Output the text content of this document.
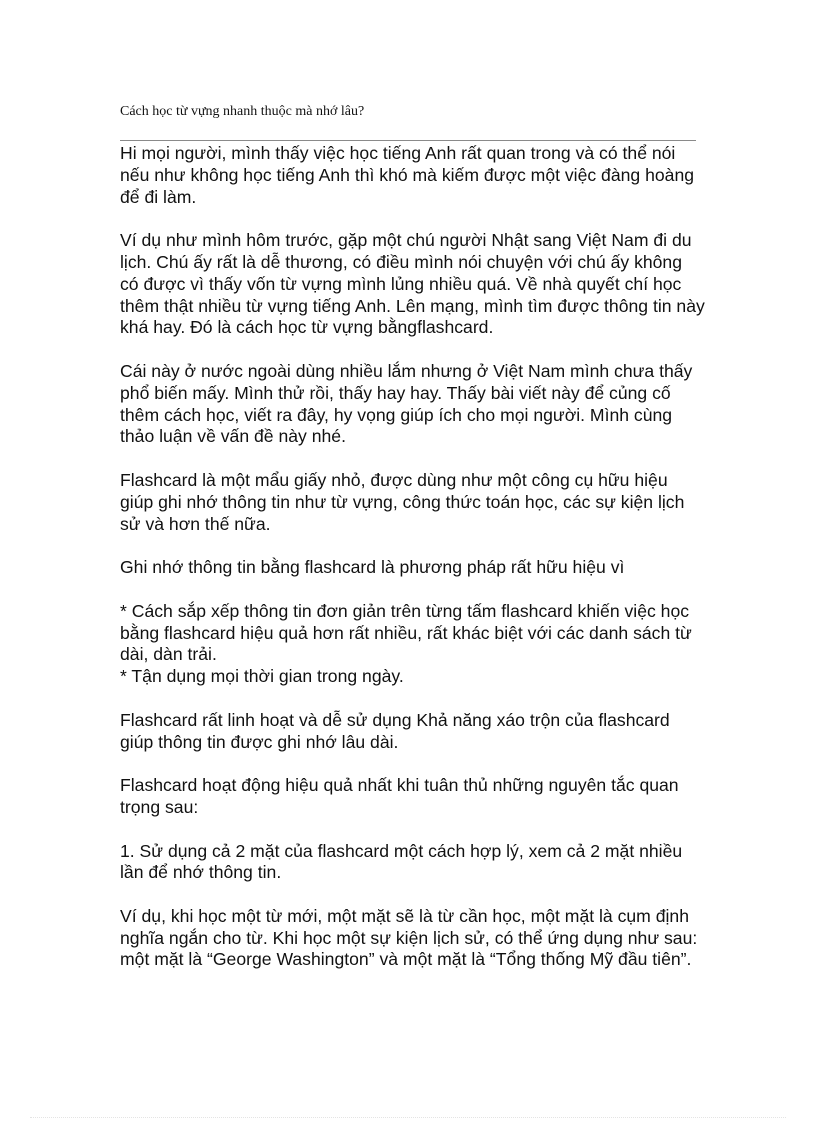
Cách học từ vựng nhanh thuộc mà nhớ lâu?

Hi mọi người, mình thấy việc học tiếng Anh rất quan trong và có thể nói nếu như không học tiếng Anh thì khó mà kiếm được một việc đàng hoàng để đi làm.

Ví dụ như mình hôm trước, gặp một chú người Nhật sang Việt Nam đi du lịch. Chú ấy rất là dễ thương, có điều mình nói chuyện với chú ấy không có được vì thấy vốn từ vựng mình lủng nhiều quá. Về nhà quyết chí học thêm thật nhiều từ vựng tiếng Anh. Lên mạng, mình tìm được thông tin này khá hay. Đó là cách học từ vựng bằngflashcard.

Cái này ở nước ngoài dùng nhiều lắm nhưng ở Việt Nam mình chưa thấy phổ biến mấy. Mình thử rồi, thấy hay hay. Thấy bài viết này để củng cố thêm cách học, viết ra đây, hy vọng giúp ích cho mọi người. Mình cùng thảo luận về vấn đề này nhé.

Flashcard là một mẩu giấy nhỏ, được dùng như một công cụ hữu hiệu giúp ghi nhớ thông tin như từ vựng, công thức toán học, các sự kiện lịch sử và hơn thế nữa.

Ghi nhớ thông tin bằng flashcard là phương pháp rất hữu hiệu vì

* Cách sắp xếp thông tin đơn giản trên từng tấm flashcard khiến việc học bằng flashcard hiệu quả hơn rất nhiều, rất khác biệt với các danh sách từ dài, dàn trải.

* Tận dụng mọi thời gian trong ngày.

Flashcard rất linh hoạt và dễ sử dụng Khả năng xáo trộn của flashcard giúp thông tin được ghi nhớ lâu dài.

Flashcard hoạt động hiệu quả nhất khi tuân thủ những nguyên tắc quan trọng sau:

1. Sử dụng cả 2 mặt của flashcard một cách hợp lý, xem cả 2 mặt nhiều lần để nhớ thông tin.

Ví dụ, khi học một từ mới, một mặt sẽ là từ cần học, một mặt là cụm định nghĩa ngắn cho từ. Khi học một sự kiện lịch sử, có thể ứng dụng như sau: một mặt là “George Washington” và một mặt là “Tổng thống Mỹ đầu tiên”.
